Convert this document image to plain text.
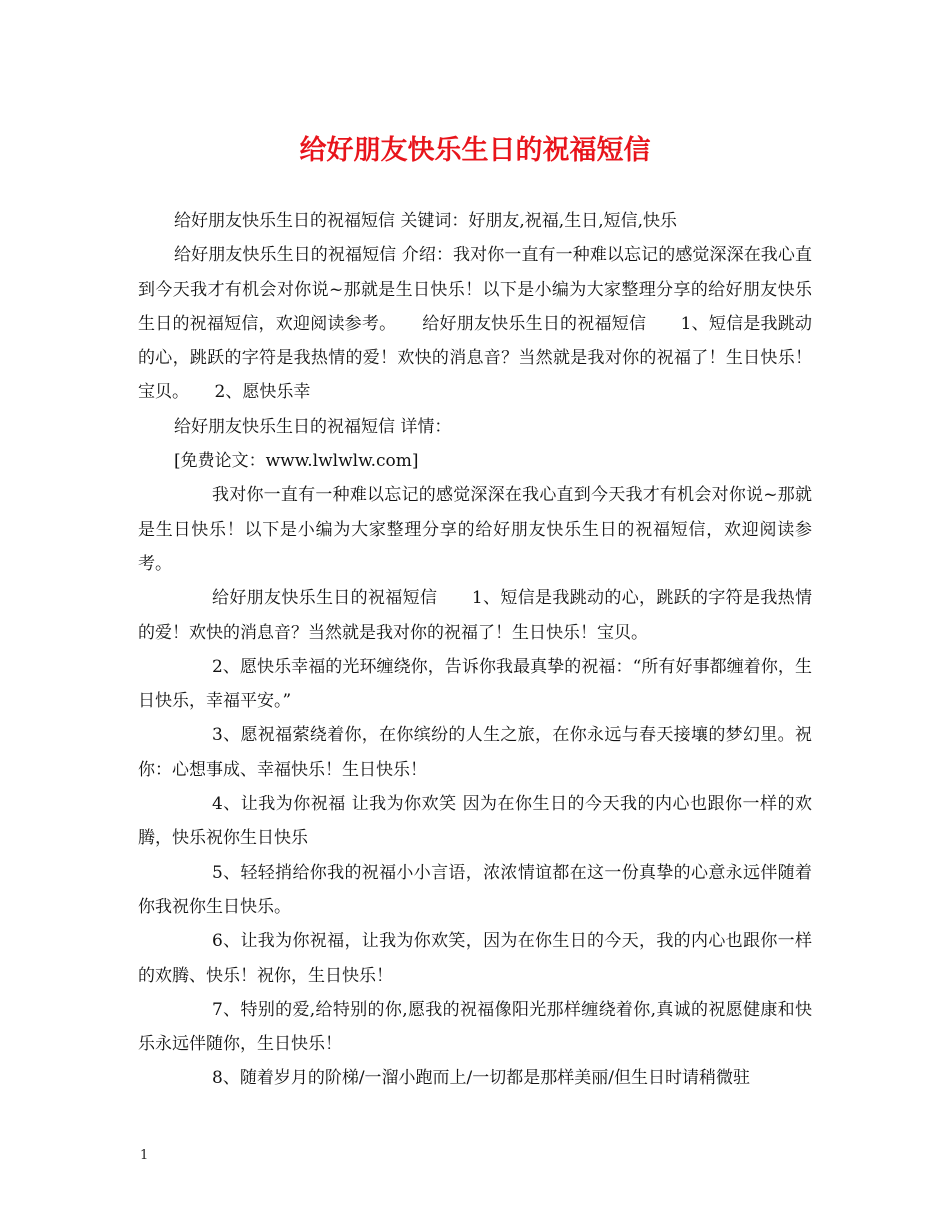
给好朋友快乐生日的祝福短信

给好朋友快乐生日的祝福短信 关键词：好朋友,祝福,生日,短信,快乐

给好朋友快乐生日的祝福短信 介绍：我对你一直有一种难以忘记的感觉深深在我心直到今天我才有机会对你说~那就是生日快乐！以下是小编为大家整理分享的给好朋友快乐生日的祝福短信，欢迎阅读参考。　　给好朋友快乐生日的祝福短信　　1、短信是我跳动的心，跳跃的字符是我热情的爱！欢快的消息音？当然就是我对你的祝福了！生日快乐！宝贝。　　2、愿快乐幸

给好朋友快乐生日的祝福短信 详情：

[免费论文：www.lwlwlw.com]

我对你一直有一种难以忘记的感觉深深在我心直到今天我才有机会对你说~那就是生日快乐！以下是小编为大家整理分享的给好朋友快乐生日的祝福短信，欢迎阅读参考。

给好朋友快乐生日的祝福短信　　1、短信是我跳动的心，跳跃的字符是我热情的爱！欢快的消息音？当然就是我对你的祝福了！生日快乐！宝贝。

2、愿快乐幸福的光环缠绕你，告诉你我最真挚的祝福：“所有好事都缠着你，生日快乐，幸福平安。”

3、愿祝福萦绕着你，在你缤纷的人生之旅，在你永远与春天接壤的梦幻里。祝你：心想事成、幸福快乐！生日快乐！

4、让我为你祝福 让我为你欢笑 因为在你生日的今天我的内心也跟你一样的欢腾，快乐祝你生日快乐

5、轻轻捎给你我的祝福小小言语，浓浓情谊都在这一份真挚的心意永远伴随着你我祝你生日快乐。

6、让我为你祝福，让我为你欢笑，因为在你生日的今天，我的内心也跟你一样的欢腾、快乐！祝你，生日快乐！

7、特别的爱,给特别的你,愿我的祝福像阳光那样缠绕着你,真诚的祝愿健康和快乐永远伴随你，生日快乐！

8、随着岁月的阶梯/一溜小跑而上/一切都是那样美丽/但生日时请稍微驻

1
